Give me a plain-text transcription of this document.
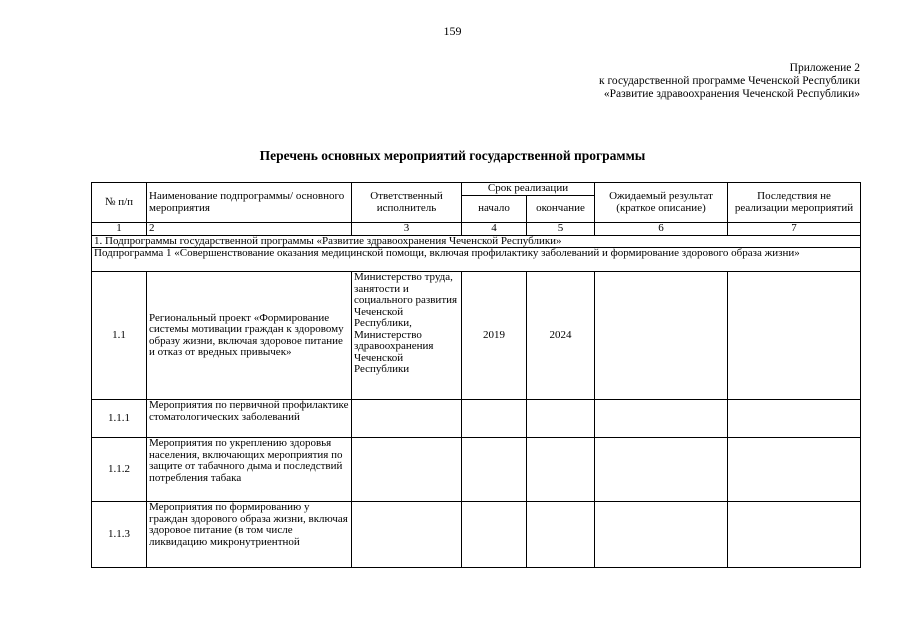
159
Приложение 2
к государственной программе Чеченской Республики
«Развитие здравоохранения Чеченской Республики»
Перечень основных мероприятий государственной программы
№ п/п	Наименование подпрограммы/ основного мероприятия	Ответственный исполнитель	Срок реализации		Ожидаемый результат (краткое описание)	Последствия не реализации мероприятий
			начало	окончание		
1	2	3	4	5	6	7
1. Подпрограммы государственной программы «Развитие здравоохранения Чеченской Республики»						
Подпрограмма 1 «Совершенствование оказания медицинской помощи, включая профилактику заболеваний и формирование здорового образа жизни»						
1.1	Региональный проект «Формирование системы мотивации граждан к здоровому образу жизни, включая здоровое питание и отказ от вредных привычек»	Министерство труда, занятости и социального развития Чеченской Республики, Министерство здравоохранения Чеченской Республики	2019	2024		
1.1.1	Мероприятия по первичной профилактике стоматологических заболеваний					
1.1.2	Мероприятия по укреплению здоровья населения, включающих мероприятия по защите от табачного дыма и последствий потребления табака					
1.1.3	Мероприятия по формированию у граждан здорового образа жизни, включая здоровое питание (в том числе ликвидацию микронутриентной					
